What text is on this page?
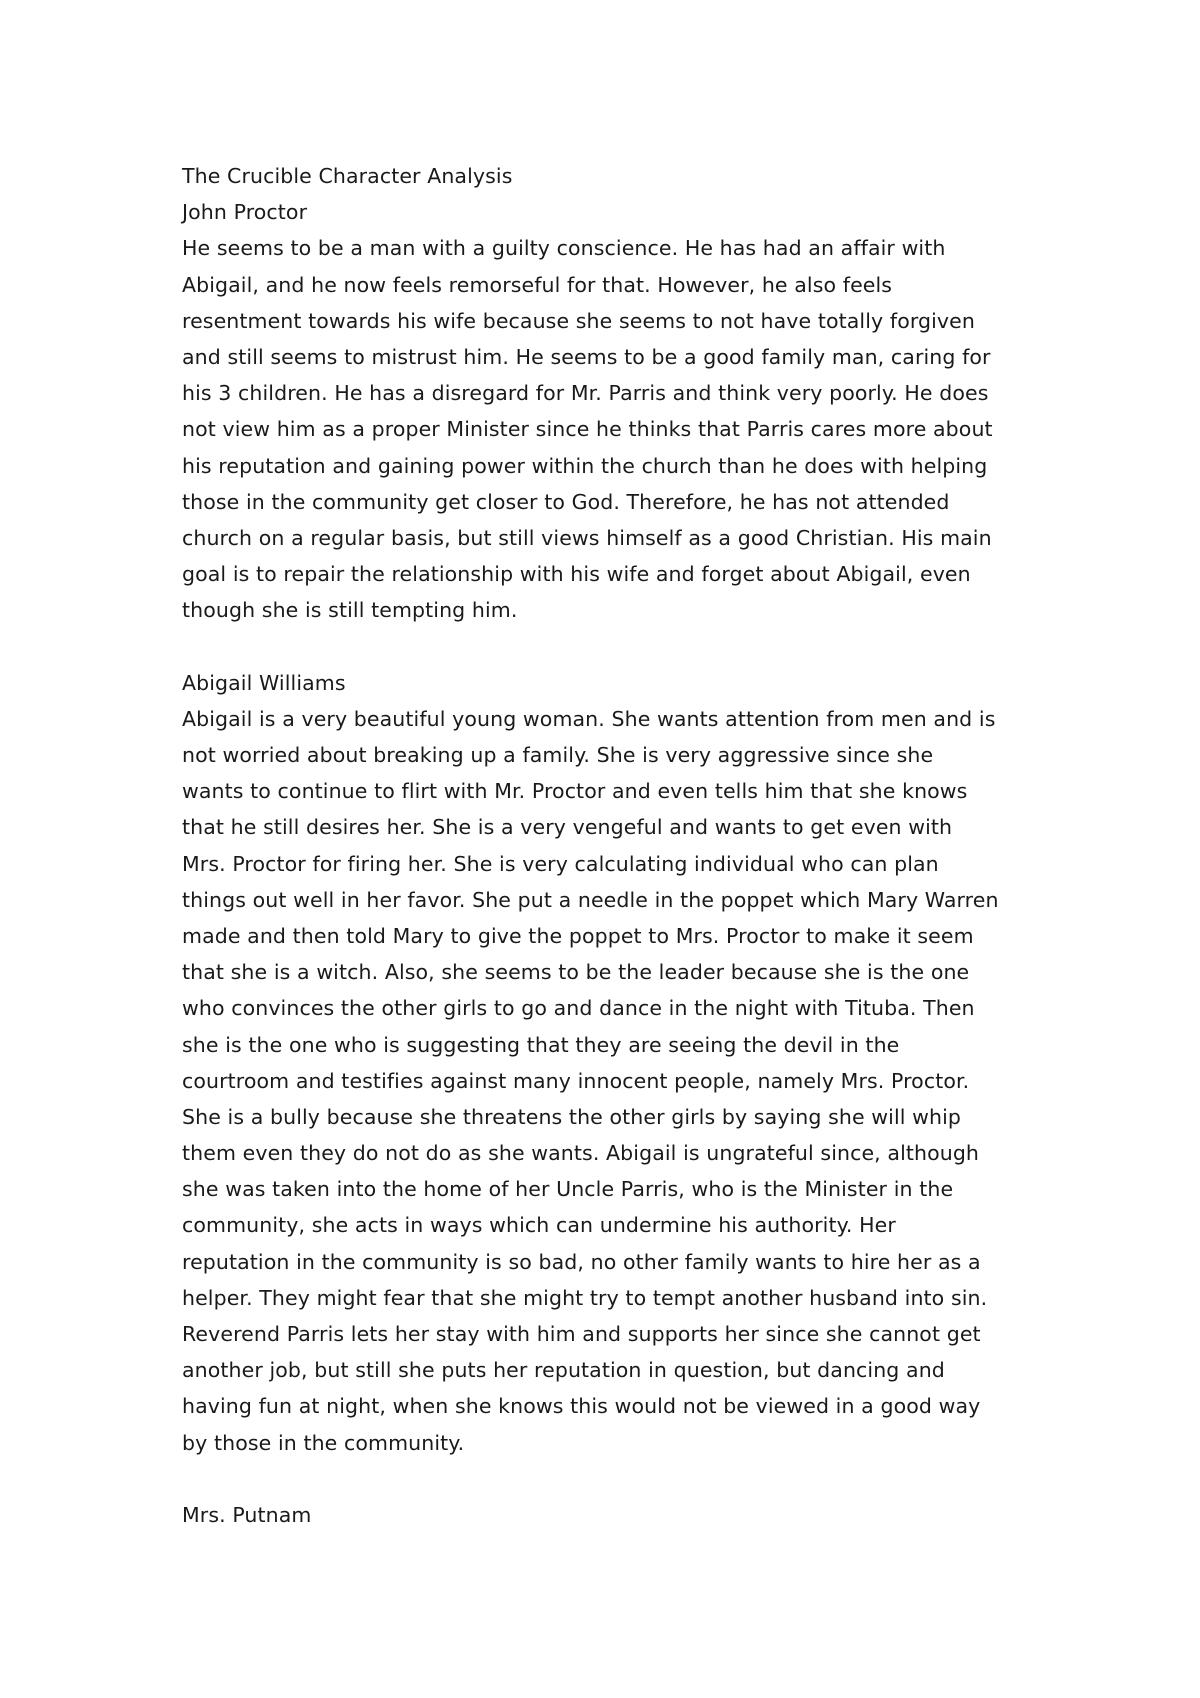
The Crucible Character Analysis
John Proctor
He seems to be a man with a guilty conscience. He has had an affair with
Abigail, and he now feels remorseful for that. However, he also feels
resentment towards his wife because she seems to not have totally forgiven
and still seems to mistrust him. He seems to be a good family man, caring for
his 3 children. He has a disregard for Mr. Parris and think very poorly. He does
not view him as a proper Minister since he thinks that Parris cares more about
his reputation and gaining power within the church than he does with helping
those in the community get closer to God. Therefore, he has not attended
church on a regular basis, but still views himself as a good Christian. His main
goal is to repair the relationship with his wife and forget about Abigail, even
though she is still tempting him.
Abigail Williams
Abigail is a very beautiful young woman. She wants attention from men and is
not worried about breaking up a family. She is very aggressive since she
wants to continue to flirt with Mr. Proctor and even tells him that she knows
that he still desires her. She is a very vengeful and wants to get even with
Mrs. Proctor for firing her. She is very calculating individual who can plan
things out well in her favor. She put a needle in the poppet which Mary Warren
made and then told Mary to give the poppet to Mrs. Proctor to make it seem
that she is a witch. Also, she seems to be the leader because she is the one
who convinces the other girls to go and dance in the night with Tituba. Then
she is the one who is suggesting that they are seeing the devil in the
courtroom and testifies against many innocent people, namely Mrs. Proctor.
She is a bully because she threatens the other girls by saying she will whip
them even they do not do as she wants. Abigail is ungrateful since, although
she was taken into the home of her Uncle Parris, who is the Minister in the
community, she acts in ways which can undermine his authority. Her
reputation in the community is so bad, no other family wants to hire her as a
helper. They might fear that she might try to tempt another husband into sin.
Reverend Parris lets her stay with him and supports her since she cannot get
another job, but still she puts her reputation in question, but dancing and
having fun at night, when she knows this would not be viewed in a good way
by those in the community.
Mrs. Putnam
